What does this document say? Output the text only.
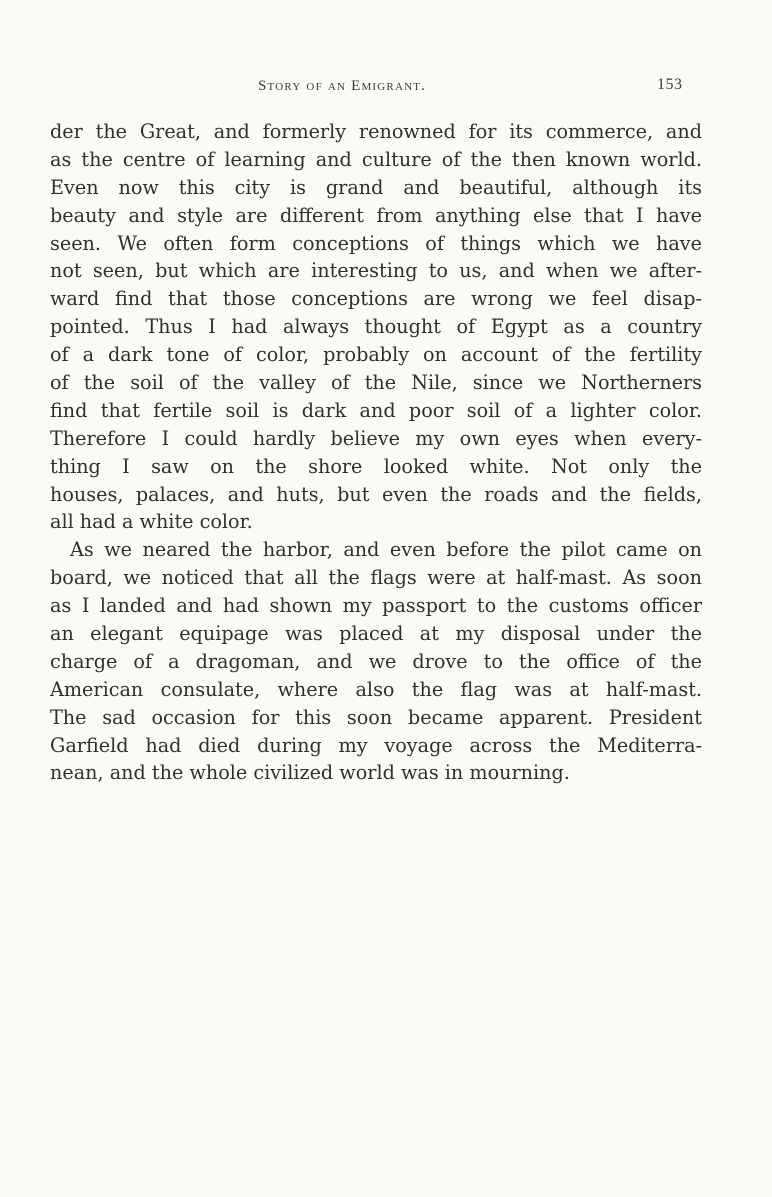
Story of an Emigrant.	153
der the Great, and formerly renowned for its commerce, and
as the centre of learning and culture of the then known world.
Even now this city is grand and beautiful, although its
beauty and style are different from anything else that I have
seen. We often form conceptions of things which we have
not seen, but which are interesting to us, and when we after-
ward find that those conceptions are wrong we feel disap-
pointed. Thus I had always thought of Egypt as a country
of a dark tone of color, probably on account of the fertility
of the soil of the valley of the Nile, since we Northerners
find that fertile soil is dark and poor soil of a lighter color.
Therefore I could hardly believe my own eyes when every-
thing I saw on the shore looked white. Not only the
houses, palaces, and huts, but even the roads and the fields,
all had a white color.
As we neared the harbor, and even before the pilot came on
board, we noticed that all the flags were at half-mast. As soon
as I landed and had shown my passport to the customs officer
an elegant equipage was placed at my disposal under the
charge of a dragoman, and we drove to the office of the
American consulate, where also the flag was at half-mast.
The sad occasion for this soon became apparent. President
Garfield had died during my voyage across the Mediterra-
nean, and the whole civilized world was in mourning.
